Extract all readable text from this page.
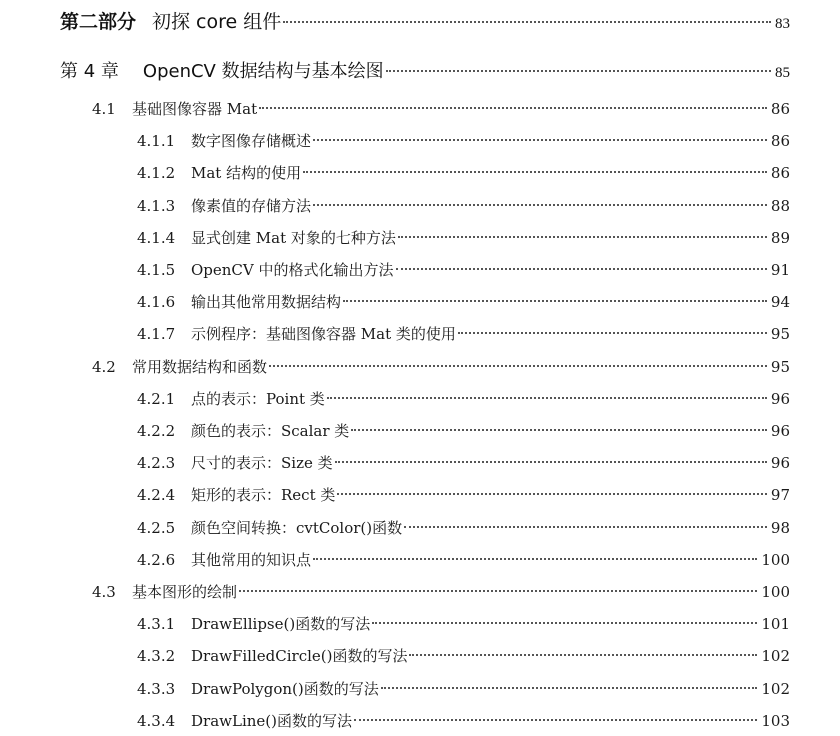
第二部分 初探 core 组件	83
第 4 章 OpenCV 数据结构与基本绘图	85
4.1	基础图像容器 Mat	86
4.1.1	数字图像存储概述	86
4.1.2	Mat 结构的使用	86
4.1.3	像素值的存储方法	88
4.1.4	显式创建 Mat 对象的七种方法	89
4.1.5	OpenCV 中的格式化输出方法	91
4.1.6	输出其他常用数据结构	94
4.1.7	示例程序：基础图像容器 Mat 类的使用	95
4.2	常用数据结构和函数	95
4.2.1	点的表示：Point 类	96
4.2.2	颜色的表示：Scalar 类	96
4.2.3	尺寸的表示：Size 类	96
4.2.4	矩形的表示：Rect 类	97
4.2.5	颜色空间转换：cvtColor()函数	98
4.2.6	其他常用的知识点	100
4.3	基本图形的绘制	100
4.3.1	DrawEllipse()函数的写法	101
4.3.2	DrawFilledCircle()函数的写法	102
4.3.3	DrawPolygon()函数的写法	102
4.3.4	DrawLine()函数的写法	103
